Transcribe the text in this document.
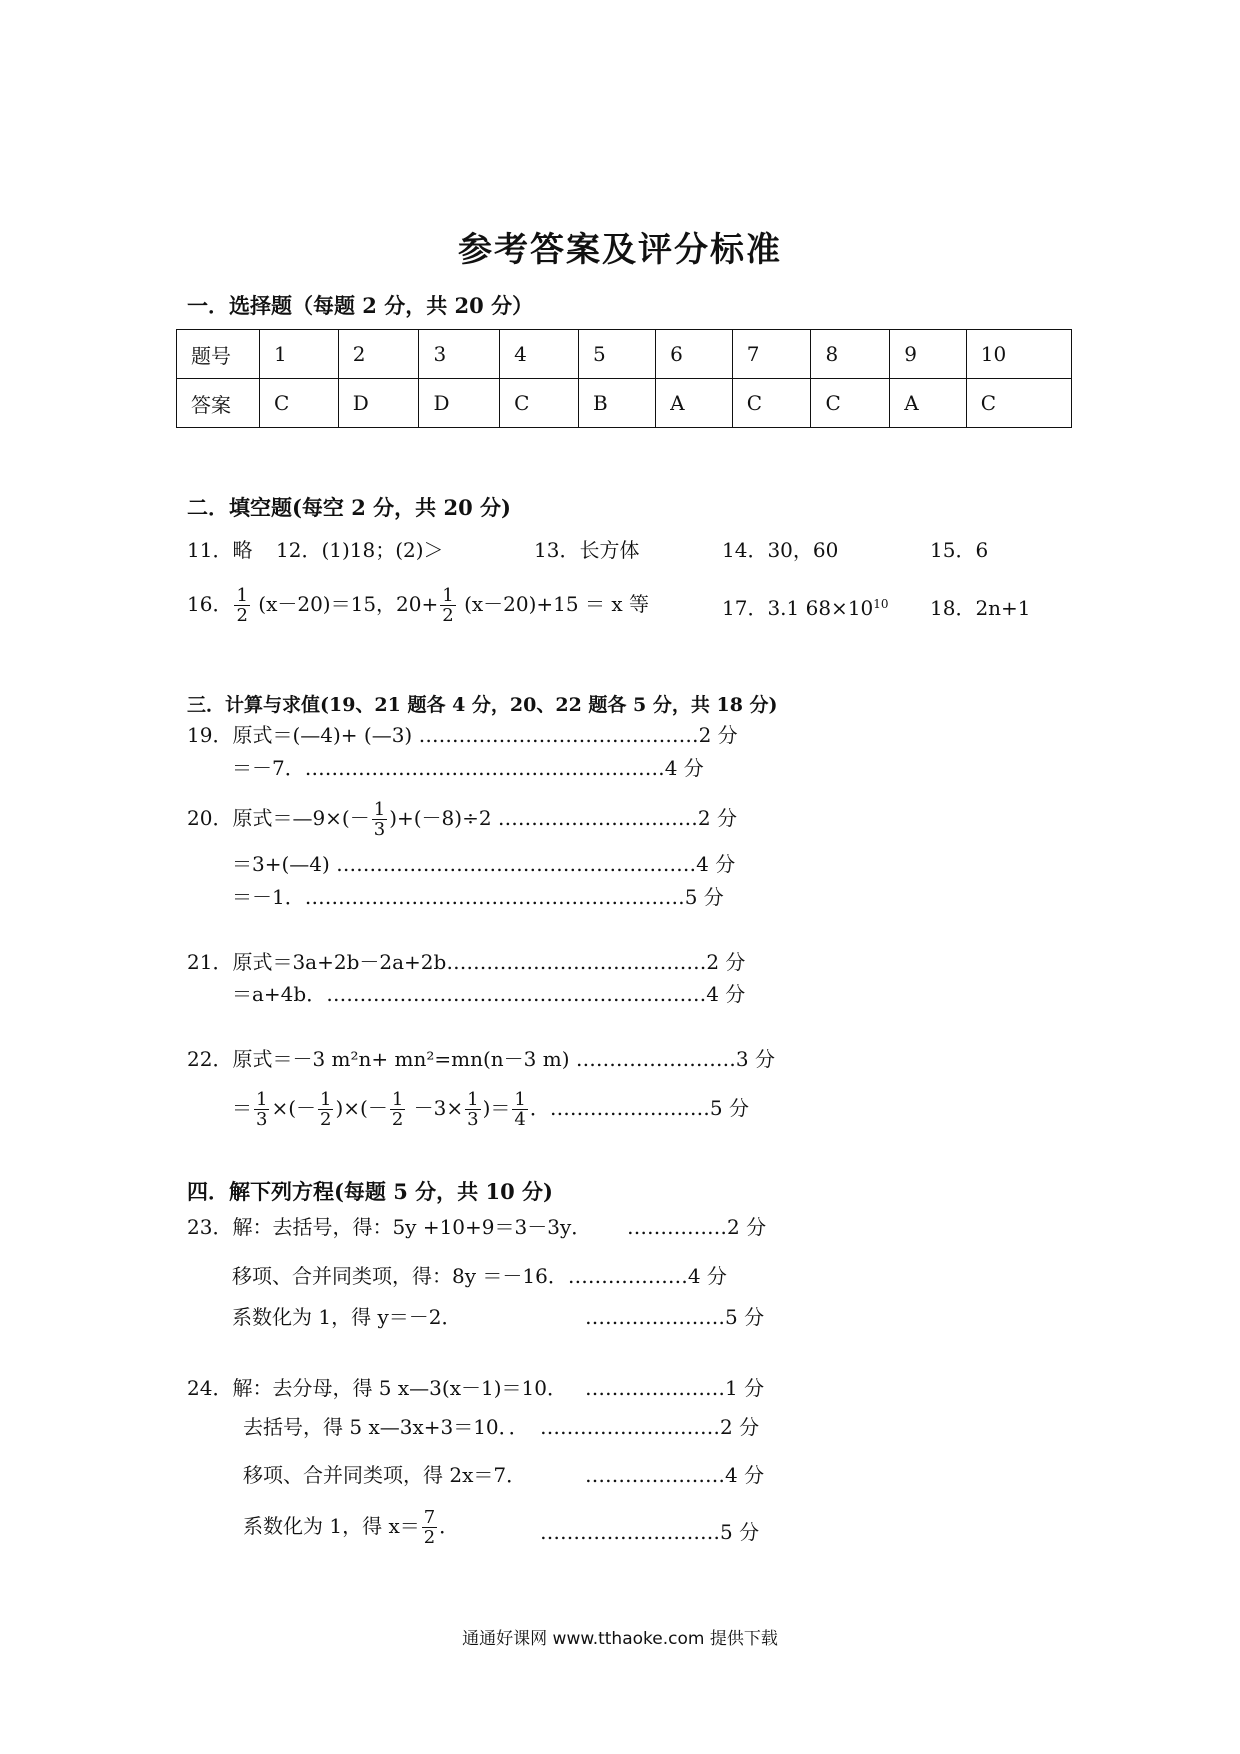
参考答案及评分标准
一．选择题（每题 2 分，共 20 分）
题号	1	2	3	4	5	6	7	8	9	10
答案	C	D	D	C	B	A	C	C	A	C
二．填空题(每空 2 分，共 20 分)
11．略 12．(1)18；(2)＞	13．长方体	14．30，60	15．6
16． $\frac{1}{2} (x-20)=15$，$20+ \frac{1}{2} (x-20)+15 = x$ 等	17．3.1 $68\times 10^{10}$ 18．2n+1
三．计算与求值(19、21 题各 4 分，20、22 题各 5 分，共 18 分)
19．原式＝(—4)+ (—3) ……………………………………2 分
＝－7．………………………………………………4 分
20．原式＝—9×(－ $\frac{1}{3} )+(-8)\div 2$ …………………………2 分
＝3+(—4) ………………………………………………4 分
＝－1．…………………………………………………5 分
21．原式＝3a+2b－2a+2b…………………………………2 分
＝a+4b．…………………………………………………4 分
22．原式＝－3 m²n+ mn²=mn(n－3 m) ……………………3 分
＝ $\frac{1}{3}$ ×(－ $\frac{1}{2}$ )×(－ $\frac{1}{2} -3\times \frac{1}{3}$ )＝ $\frac{1}{4}$ ．……………………5 分
四．解下列方程(每题 5 分，共 10 分)
23．解：去括号，得：5y +10+9＝3－3y． ……………2 分
移项、合并同类项，得：8y ＝－16．………………4 分
系数化为 1，得 y＝－2．	…………………5 分
24．解：去分母，得 5 x—3(x－1)＝10． …………………1 分
去括号，得 5 x—3x+3＝10．． ………………………2 分
移项、合并同类项，得 2x＝7．	…………………4 分
系数化为 1，得 $x= \frac{7}{2}$ ．	………………………5 分
通通好课网 www.tthaoke.com 提供下载
